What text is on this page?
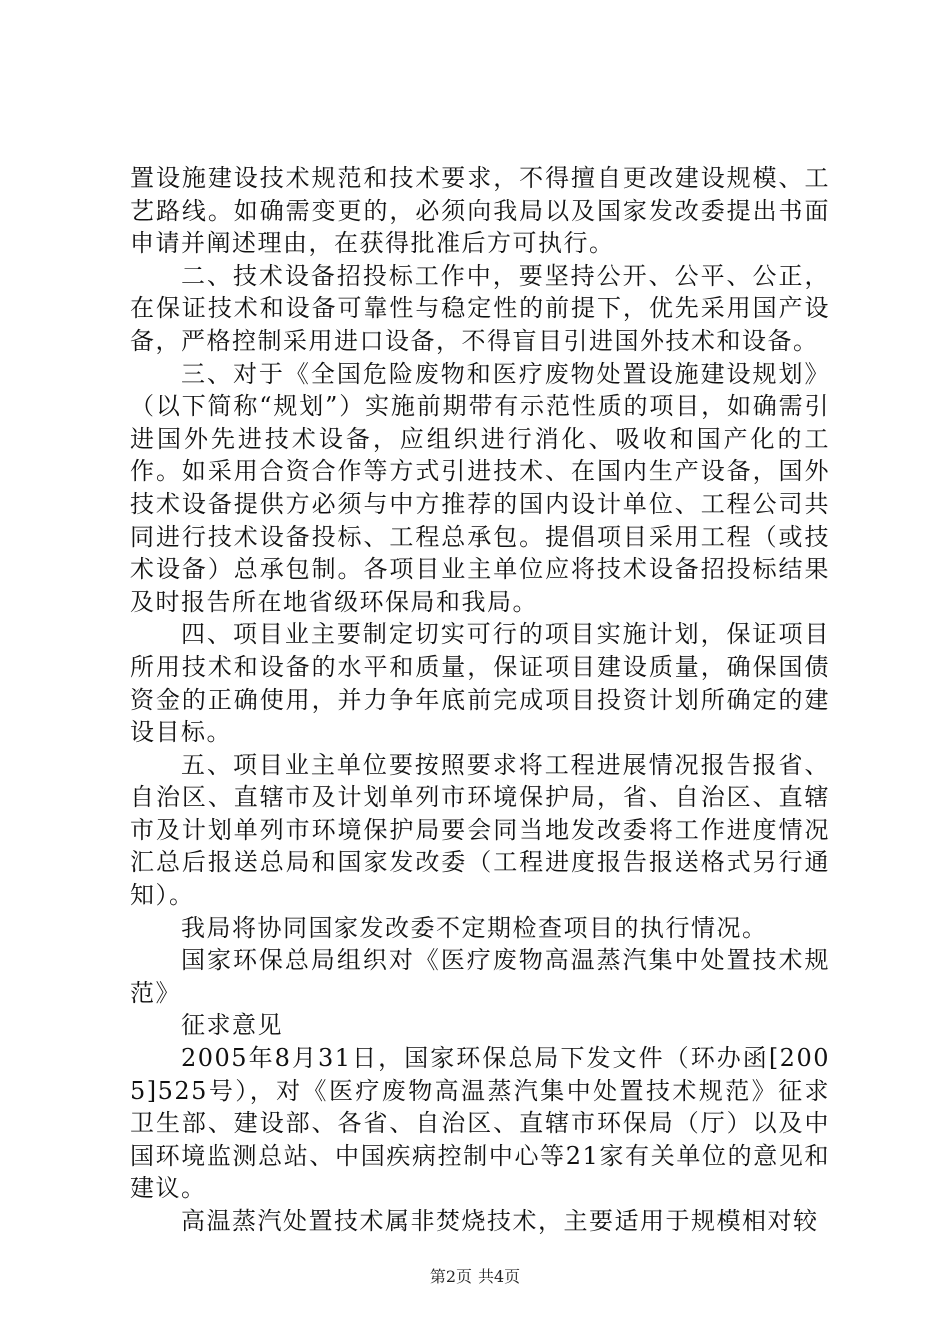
置设施建设技术规范和技术要求，不得擅自更改建设规模、工艺路线。如确需变更的，必须向我局以及国家发改委提出书面申请并阐述理由，在获得批准后方可执行。

二、技术设备招投标工作中，要坚持公开、公平、公正，在保证技术和设备可靠性与稳定性的前提下，优先采用国产设备，严格控制采用进口设备，不得盲目引进国外技术和设备。

三、对于《全国危险废物和医疗废物处置设施建设规划》（以下简称“规划”）实施前期带有示范性质的项目，如确需引进国外先进技术设备，应组织进行消化、吸收和国产化的工作。如采用合资合作等方式引进技术、在国内生产设备，国外技术设备提供方必须与中方推荐的国内设计单位、工程公司共同进行技术设备投标、工程总承包。提倡项目采用工程（或技术设备）总承包制。各项目业主单位应将技术设备招投标结果及时报告所在地省级环保局和我局。

四、项目业主要制定切实可行的项目实施计划，保证项目所用技术和设备的水平和质量，保证项目建设质量，确保国债资金的正确使用，并力争年底前完成项目投资计划所确定的建设目标。

五、项目业主单位要按照要求将工程进展情况报告报省、自治区、直辖市及计划单列市环境保护局，省、自治区、直辖市及计划单列市环境保护局要会同当地发改委将工作进度情况汇总后报送总局和国家发改委（工程进度报告报送格式另行通知）。

我局将协同国家发改委不定期检查项目的执行情况。

国家环保总局组织对《医疗废物高温蒸汽集中处置技术规范》

征求意见

2005年8月31日，国家环保总局下发文件（环办函[2005]525号），对《医疗废物高温蒸汽集中处置技术规范》征求卫生部、建设部、各省、自治区、直辖市环保局（厅）以及中国环境监测总站、中国疾病控制中心等21家有关单位的意见和建议。

高温蒸汽处置技术属非焚烧技术，主要适用于规模相对较

第2页 共4页
